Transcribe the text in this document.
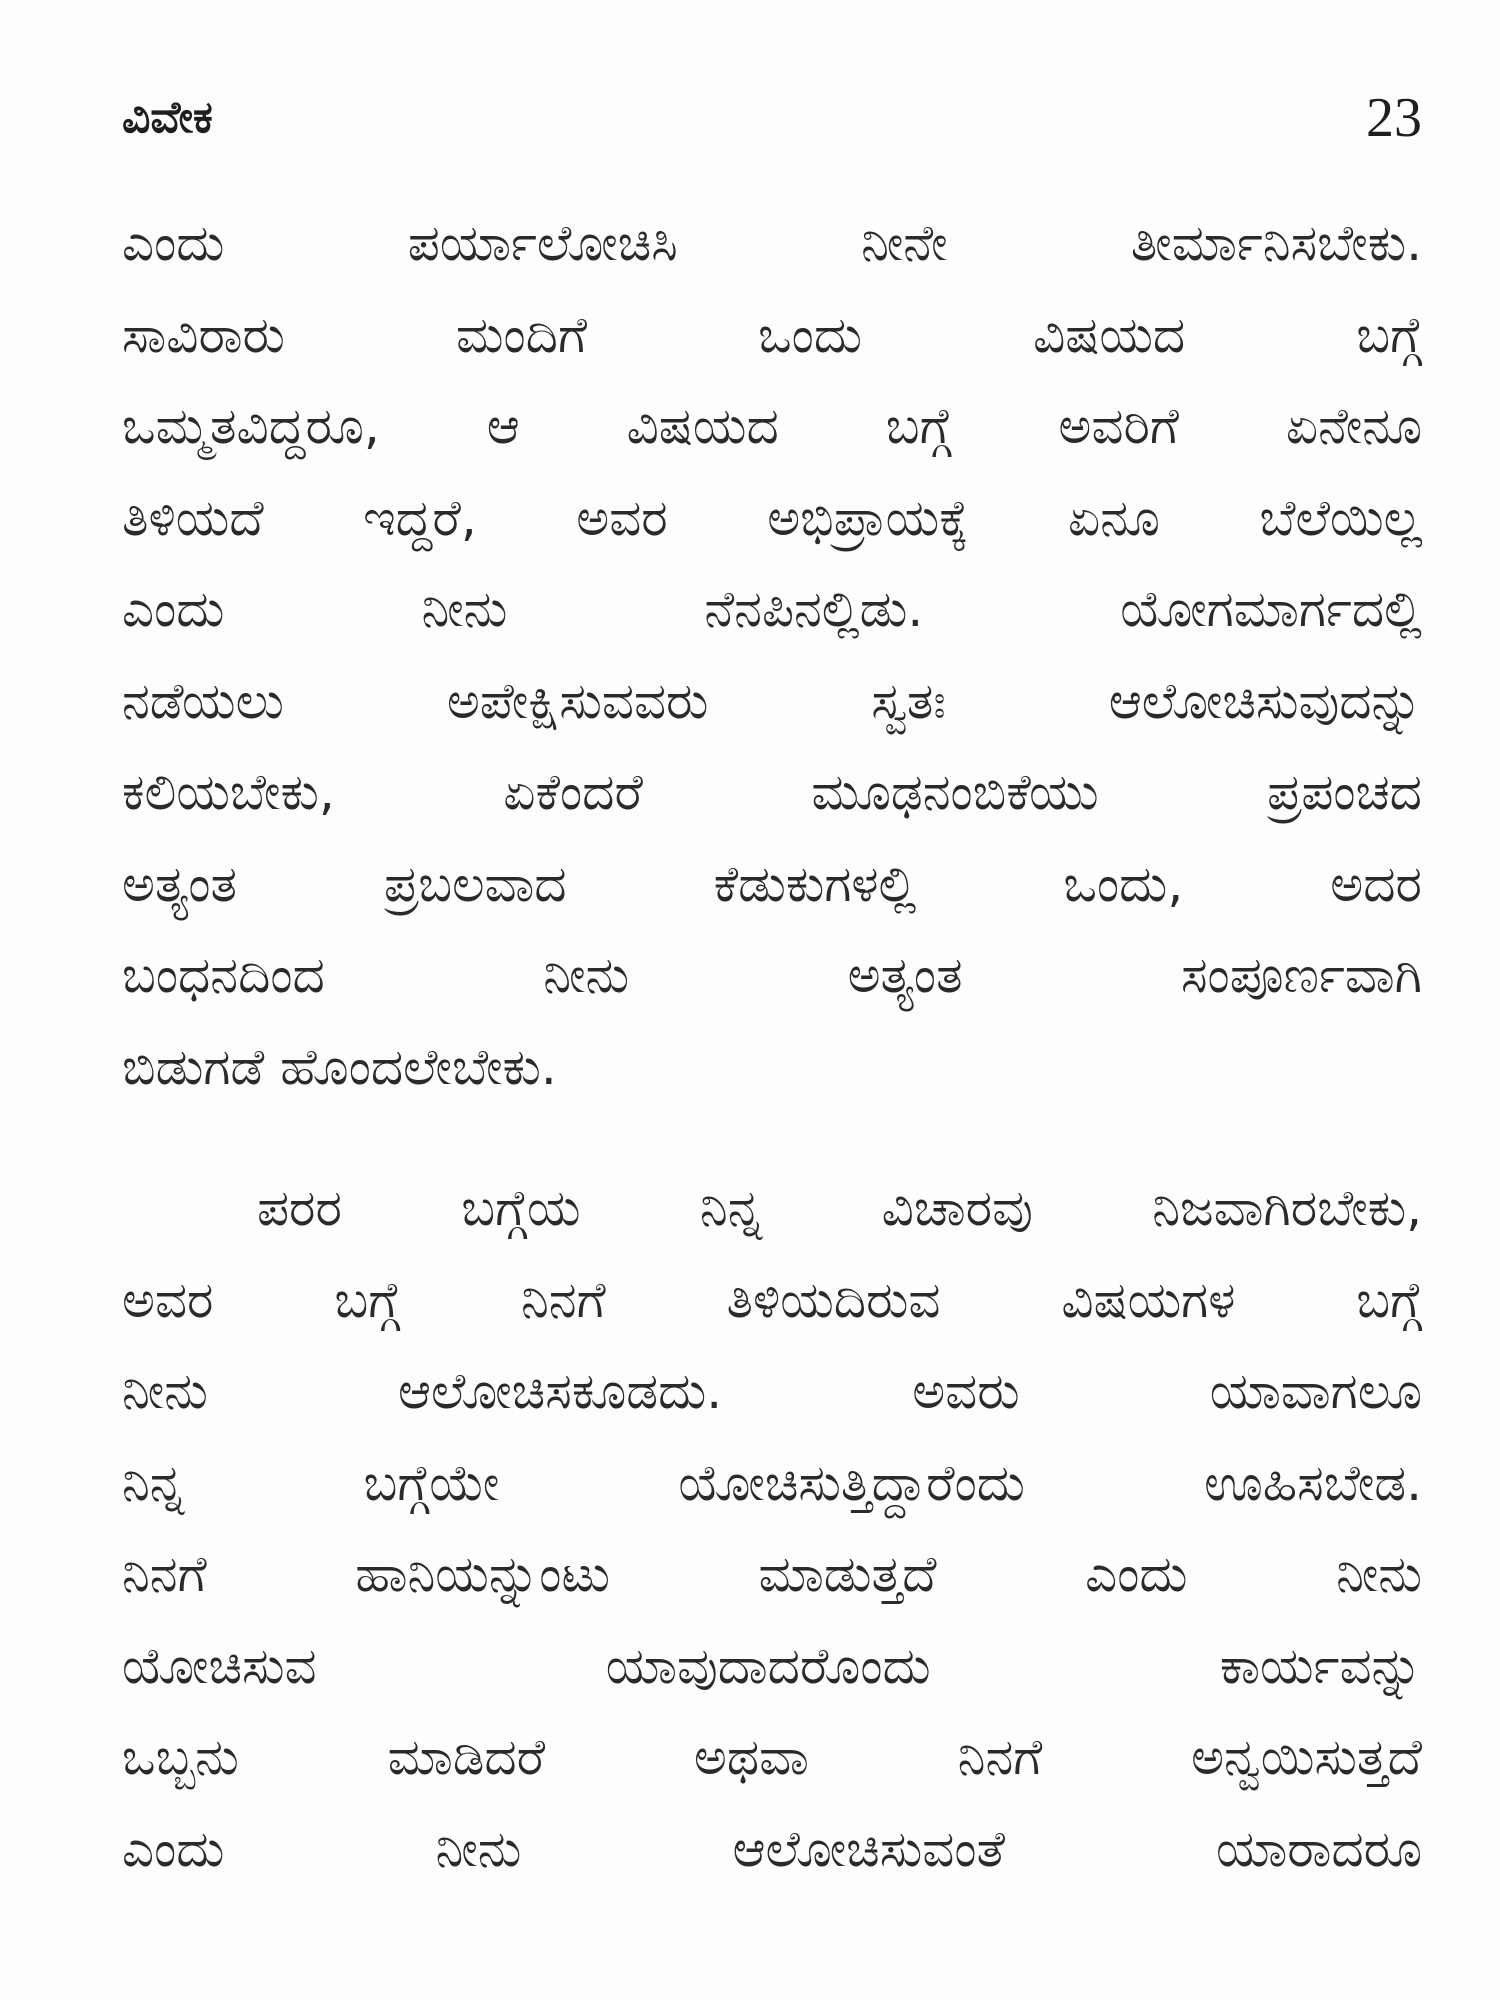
ವಿವೇಕ	23
ಎಂದು ಪರ್ಯಾಲೋಚಿಸಿ ನೀನೇ ತೀರ್ಮಾನಿಸಬೇಕು.
ಸಾವಿರಾರು ಮಂದಿಗೆ ಒಂದು ವಿಷಯದ ಬಗ್ಗೆ
ಒಮ್ಮತವಿದ್ದರೂ, ಆ ವಿಷಯದ ಬಗ್ಗೆ ಅವರಿಗೆ ಏನೇನೂ
ತಿಳಿಯದೆ ಇದ್ದರೆ, ಅವರ ಅಭಿಪ್ರಾಯಕ್ಕೆ ಏನೂ ಬೆಲೆಯಿಲ್ಲ
ಎಂದು ನೀನು ನೆನಪಿನಲ್ಲಿಡು. ಯೋಗಮಾರ್ಗದಲ್ಲಿ
ನಡೆಯಲು ಅಪೇಕ್ಷಿಸುವವರು ಸ್ವತಃ ಆಲೋಚಿಸುವುದನ್ನು
ಕಲಿಯಬೇಕು, ಏಕೆಂದರೆ ಮೂಢನಂಬಿಕೆಯು ಪ್ರಪಂಚದ
ಅತ್ಯಂತ ಪ್ರಬಲವಾದ ಕೆಡುಕುಗಳಲ್ಲಿ ಒಂದು, ಅದರ
ಬಂಧನದಿಂದ ನೀನು ಅತ್ಯಂತ ಸಂಪೂರ್ಣವಾಗಿ
ಬಿಡುಗಡೆ ಹೊಂದಲೇಬೇಕು.
ಪರರ ಬಗ್ಗೆಯ ನಿನ್ನ ವಿಚಾರವು ನಿಜವಾಗಿರಬೇಕು,
ಅವರ ಬಗ್ಗೆ ನಿನಗೆ ತಿಳಿಯದಿರುವ ವಿಷಯಗಳ ಬಗ್ಗೆ
ನೀನು ಆಲೋಚಿಸಕೂಡದು. ಅವರು ಯಾವಾಗಲೂ
ನಿನ್ನ ಬಗ್ಗೆಯೇ ಯೋಚಿಸುತ್ತಿದ್ದಾರೆಂದು ಊಹಿಸಬೇಡ.
ನಿನಗೆ ಹಾನಿಯನ್ನುಂಟು ಮಾಡುತ್ತದೆ ಎಂದು ನೀನು
ಯೋಚಿಸುವ ಯಾವುದಾದರೊಂದು ಕಾರ್ಯವನ್ನು
ಒಬ್ಬನು ಮಾಡಿದರೆ ಅಥವಾ ನಿನಗೆ ಅನ್ವಯಿಸುತ್ತದೆ
ಎಂದು ನೀನು ಆಲೋಚಿಸುವಂತೆ ಯಾರಾದರೂ
